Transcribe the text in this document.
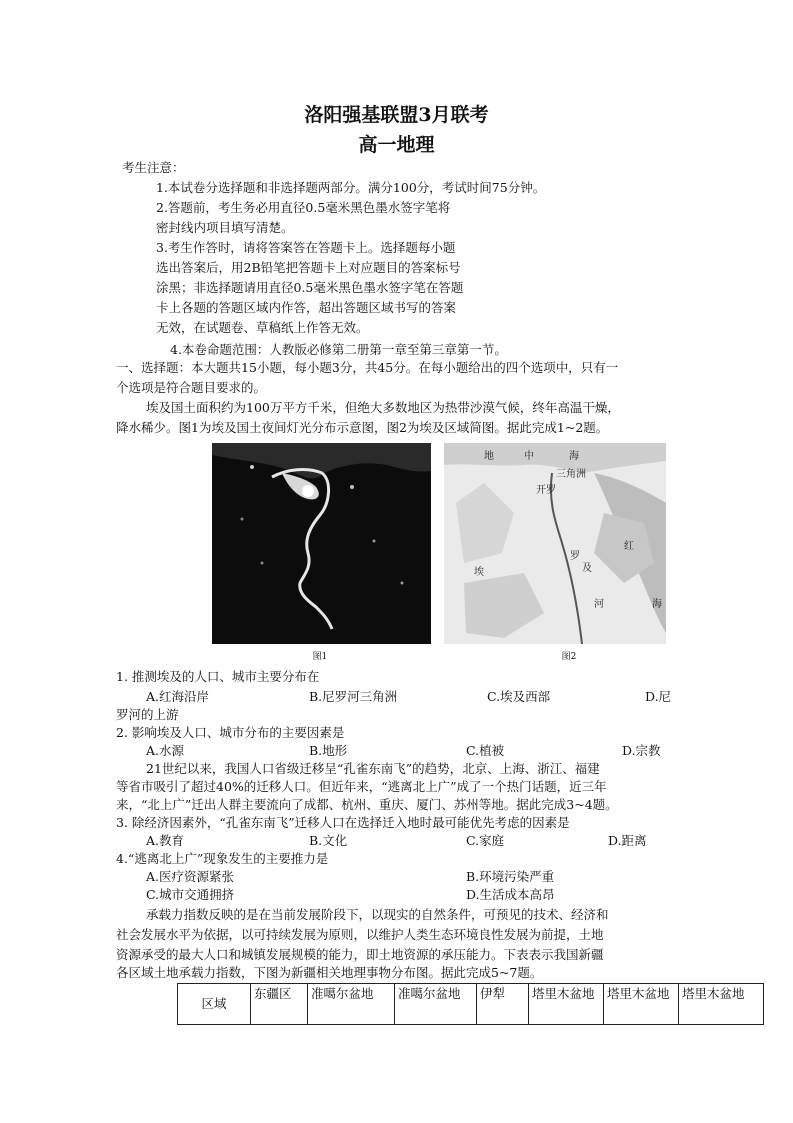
洛阳强基联盟3月联考
高一地理
考生注意：
1.本试卷分选择题和非选择题两部分。满分100分，考试时间75分钟。
2.答题前，考生务必用直径0.5毫米黑色墨水签字笔将
密封线内项目填写清楚。
3.考生作答时，请将答案答在答题卡上。选择题每小题
选出答案后，用2B铅笔把答题卡上对应题目的答案标号
涂黑；非选择题请用直径0.5毫米黑色墨水签字笔在答题
卡上各题的答题区域内作答，超出答题区域书写的答案
无效，在试题卷、草稿纸上作答无效。
4.本卷命题范围：人教版必修第二册第一章至第三章第一节。
一、选择题：本大题共15小题，每小题3分，共45分。在每小题给出的四个选项中，只有一
个选项是符合题目要求的。
埃及国土面积约为100万平方千米，但绝大多数地区为热带沙漠气候，终年高温干燥，
降水稀少。图1为埃及国土夜间灯光分布示意图，图2为埃及区域简图。据此完成1~2题。
图1
地	中	海
三角洲
开罗
罗
及
河
红
海
埃
图2
1. 推测埃及的人口、城市主要分布在
A.红海沿岸	B.尼罗河三角洲	C.埃及西部	D.尼
罗河的上游
2. 影响埃及人口、城市分布的主要因素是
A.水源	B.地形	C.植被	D.宗教
21世纪以来，我国人口省级迁移呈“孔雀东南飞”的趋势，北京、上海、浙江、福建
等省市吸引了超过40%的迁移人口。但近年来，“逃离北上广”成了一个热门话题，近三年
来，“北上广”迁出人群主要流向了成都、杭州、重庆、厦门、苏州等地。据此完成3~4题。
3. 除经济因素外，“孔雀东南飞”迁移人口在选择迁入地时最可能优先考虑的因素是
A.教育	B.文化	C.家庭	D.距离
4.“逃离北上广”现象发生的主要推力是
A.医疗资源紧张	B.环境污染严重
C.城市交通拥挤	D.生活成本高昂
承载力指数反映的是在当前发展阶段下，以现实的自然条件，可预见的技术、经济和
社会发展水平为依据，以可持续发展为原则，以维护人类生态环境良性发展为前提，土地
资源承受的最大人口和城镇发展规模的能力，即土地资源的承压能力。下表表示我国新疆
各区域土地承载力指数，下图为新疆相关地理事物分布图。据此完成5~7题。
区域	东疆区	准噶尔盆地	准噶尔盆地	伊犁	塔里木盆地	塔里木盆地	塔里木盆地
